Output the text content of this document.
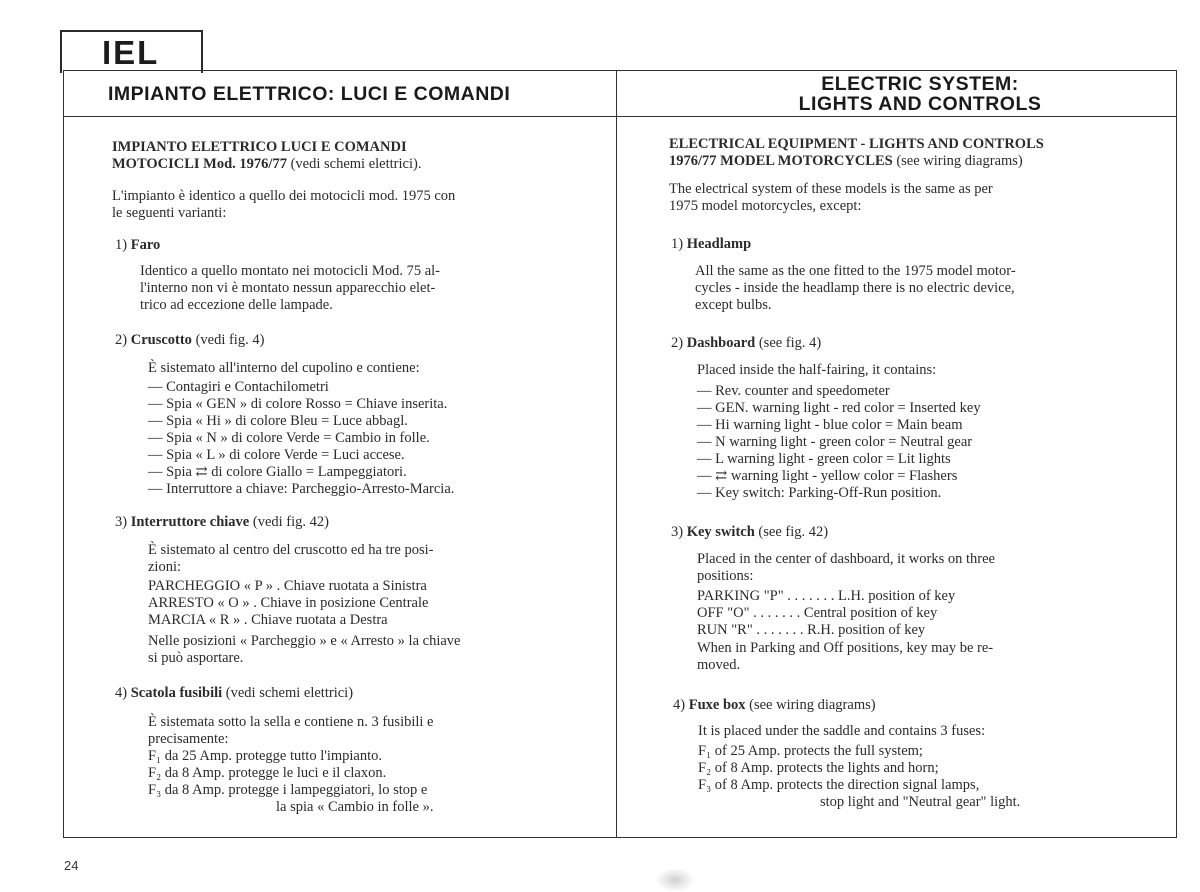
IEL
IMPIANTO ELETTRICO: LUCI E COMANDI	ELECTRIC SYSTEM:
LIGHTS AND CONTROLS
IMPIANTO ELETTRICO LUCI E COMANDI
MOTOCICLI Mod. 1976/77 (vedi schemi elettrici).
L'impianto è identico a quello dei motocicli mod. 1975 con
le seguenti varianti:
1) Faro
Identico a quello montato nei motocicli Mod. 75 al-
l'interno non vi è montato nessun apparecchio elet-
trico ad eccezione delle lampade.
2) Cruscotto (vedi fig. 4)
È sistemato all'interno del cupolino e contiene:
— Contagiri e Contachilometri
— Spia « GEN » di colore Rosso = Chiave inserita.
— Spia « Hi » di colore Bleu = Luce abbagl.
— Spia « N » di colore Verde = Cambio in folle.
— Spia « L » di colore Verde = Luci accese.
— Spia ⇄ di colore Giallo = Lampeggiatori.
— Interruttore a chiave: Parcheggio-Arresto-Marcia.
3) Interruttore chiave (vedi fig. 42)
È sistemato al centro del cruscotto ed ha tre posi-
zioni:
PARCHEGGIO « P » . Chiave ruotata a Sinistra
ARRESTO « O » . Chiave in posizione Centrale
MARCIA « R » . Chiave ruotata a Destra
Nelle posizioni « Parcheggio » e « Arresto » la chiave
si può asportare.
4) Scatola fusibili (vedi schemi elettrici)
È sistemata sotto la sella e contiene n. 3 fusibili e
precisamente:
F₁ da 25 Amp. protegge tutto l'impianto.
F₂ da 8 Amp. protegge le luci e il claxon.
F₃ da 8 Amp. protegge i lampeggiatori, lo stop e
la spia « Cambio in folle ».
ELECTRICAL EQUIPMENT - LIGHTS AND CONTROLS
1976/77 MODEL MOTORCYCLES (see wiring diagrams)
The electrical system of these models is the same as per
1975 model motorcycles, except:
1) Headlamp
All the same as the one fitted to the 1975 model motor-
cycles - inside the headlamp there is no electric device,
except bulbs.
2) Dashboard (see fig. 4)
Placed inside the half-fairing, it contains:
— Rev. counter and speedometer
— GEN. warning light - red color = Inserted key
— Hi warning light - blue color = Main beam
— N warning light - green color = Neutral gear
— L warning light - green color = Lit lights
— ⇄ warning light - yellow color = Flashers
— Key switch: Parking-Off-Run position.
3) Key switch (see fig. 42)
Placed in the center of dashboard, it works on three
positions:
PARKING "P" . . . . . . . L.H. position of key
OFF "O" . . . . . . . Central position of key
RUN "R" . . . . . . . R.H. position of key
When in Parking and Off positions, key may be re-
moved.
4) Fuxe box (see wiring diagrams)
It is placed under the saddle and contains 3 fuses:
F₁ of 25 Amp. protects the full system;
F₂ of 8 Amp. protects the lights and horn;
F₃ of 8 Amp. protects the direction signal lamps,
stop light and "Neutral gear" light.
24
